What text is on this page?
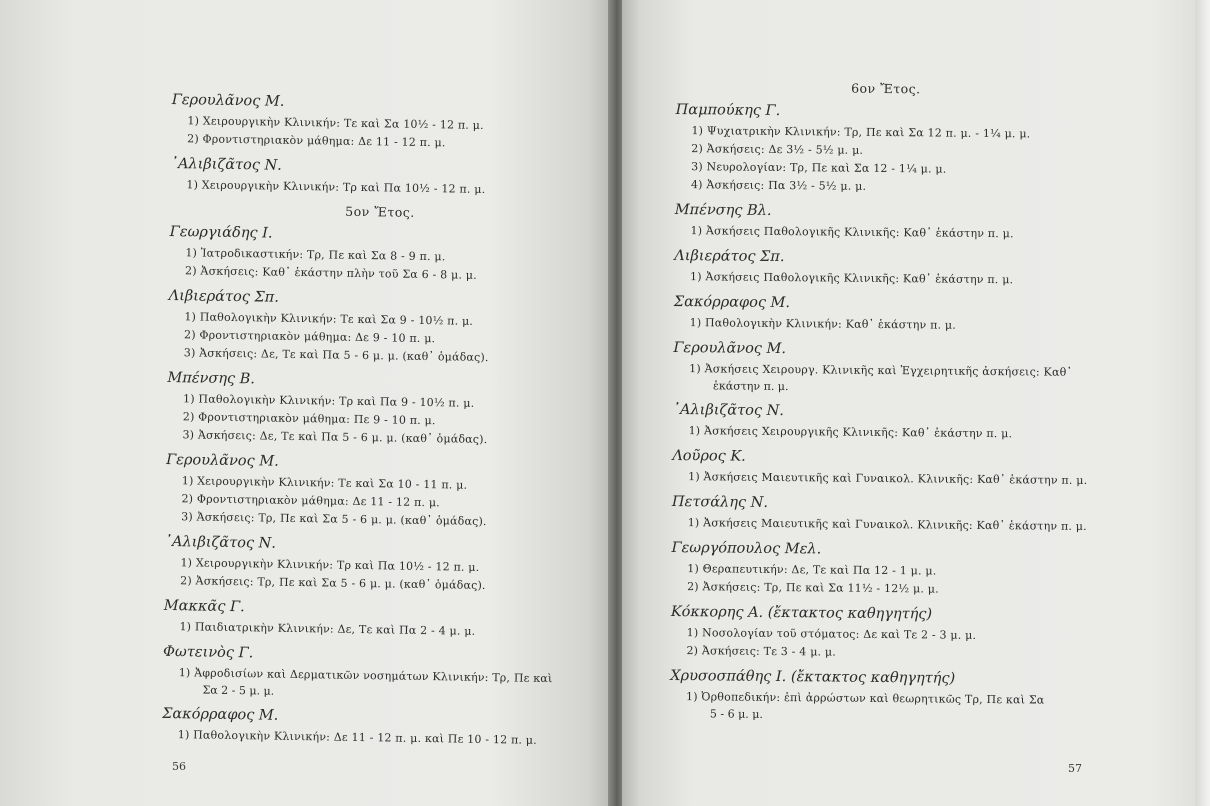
Γερουλᾶνος Μ.
1) Χειρουργικὴν Κλινικήν: Τε καὶ Σα 10½ - 12 π. μ.
2) Φροντιστηριακὸν μάθημα: Δε 11 - 12 π. μ.
᾿Αλιβιζᾶτος Ν.
1) Χειρουργικὴν Κλινικήν: Τρ καὶ Πα 10½ - 12 π. μ.
5ον Ἔτος.
Γεωργιάδης Ι.
1) Ἰατροδικαστικήν: Τρ, Πε καὶ Σα 8 - 9 π. μ.
2) Ἀσκήσεις: Καθ᾽ ἑκάστην πλὴν τοῦ Σα 6 - 8 μ. μ.
Λιβιεράτος Σπ.
1) Παθολογικὴν Κλινικήν: Τε καὶ Σα 9 - 10½ π. μ.
2) Φροντιστηριακὸν μάθημα: Δε 9 - 10 π. μ.
3) Ἀσκήσεις: Δε, Τε καὶ Πα 5 - 6 μ. μ. (καθ᾽ ὁμάδας).
Μπένσης Β.
1) Παθολογικὴν Κλινικήν: Τρ καὶ Πα 9 - 10½ π. μ.
2) Φροντιστηριακὸν μάθημα: Πε 9 - 10 π. μ.
3) Ἀσκήσεις: Δε, Τε καὶ Πα 5 - 6 μ. μ. (καθ᾽ ὁμάδας).
Γερουλᾶνος Μ.
1) Χειρουργικὴν Κλινικήν: Τε καὶ Σα 10 - 11 π. μ.
2) Φροντιστηριακὸν μάθημα: Δε 11 - 12 π. μ.
3) Ἀσκήσεις: Τρ, Πε καὶ Σα 5 - 6 μ. μ. (καθ᾽ ὁμάδας).
᾿Αλιβιζᾶτος Ν.
1) Χειρουργικὴν Κλινικήν: Τρ καὶ Πα 10½ - 12 π. μ.
2) Ἀσκήσεις: Τρ, Πε καὶ Σα 5 - 6 μ. μ. (καθ᾽ ὁμάδας).
Μακκᾶς Γ.
1) Παιδιατρικὴν Κλινικήν: Δε, Τε καὶ Πα 2 - 4 μ. μ.
Φωτεινὸς Γ.
1) Ἀφροδισίων καὶ Δερματικῶν νοσημάτων Κλινικήν: Τρ, Πε καὶ
Σα 2 - 5 μ. μ.
Σακόρραφος Μ.
1) Παθολογικὴν Κλινικήν: Δε 11 - 12 π. μ. καὶ Πε 10 - 12 π. μ.
56
6ον Ἔτος.
Παμπούκης Γ.
1) Ψυχιατρικὴν Κλινικήν: Τρ, Πε καὶ Σα 12 π. μ. - 1¼ μ. μ.
2) Ἀσκήσεις: Δε 3½ - 5½ μ. μ.
3) Νευρολογίαν: Τρ, Πε καὶ Σα 12 - 1¼ μ. μ.
4) Ἀσκήσεις: Πα 3½ - 5½ μ. μ.
Μπένσης Βλ.
1) Ἀσκήσεις Παθολογικῆς Κλινικῆς: Καθ᾽ ἑκάστην π. μ.
Λιβιεράτος Σπ.
1) Ἀσκήσεις Παθολογικῆς Κλινικῆς: Καθ᾽ ἑκάστην π. μ.
Σακόρραφος Μ.
1) Παθολογικὴν Κλινικήν: Καθ᾽ ἑκάστην π. μ.
Γερουλᾶνος Μ.
1) Ἀσκήσεις Χειρουργ. Κλινικῆς καὶ Ἐγχειρητικῆς ἀσκήσεις: Καθ᾽
ἑκάστην π. μ.
᾿Αλιβιζᾶτος Ν.
1) Ἀσκήσεις Χειρουργικῆς Κλινικῆς: Καθ᾽ ἑκάστην π. μ.
Λοῦρος Κ.
1) Ἀσκήσεις Μαιευτικῆς καὶ Γυναικολ. Κλινικῆς: Καθ᾽ ἑκάστην π. μ.
Πετσάλης Ν.
1) Ἀσκήσεις Μαιευτικῆς καὶ Γυναικολ. Κλινικῆς: Καθ᾽ ἑκάστην π. μ.
Γεωργόπουλος Μελ.
1) Θεραπευτικήν: Δε, Τε καὶ Πα 12 - 1 μ. μ.
2) Ἀσκήσεις: Τρ, Πε καὶ Σα 11½ - 12½ μ. μ.
Κόκκορης Α. (ἔκτακτος καθηγητής)
1) Νοσολογίαν τοῦ στόματος: Δε καὶ Τε 2 - 3 μ. μ.
2) Ἀσκήσεις: Τε 3 - 4 μ. μ.
Χρυσοσπάθης Ι. (ἔκτακτος καθηγητής)
1) Ὀρθοπεδικήν: ἐπὶ ἀρρώστων καὶ θεωρητικῶς Τρ, Πε καὶ Σα
5 - 6 μ. μ.
57
